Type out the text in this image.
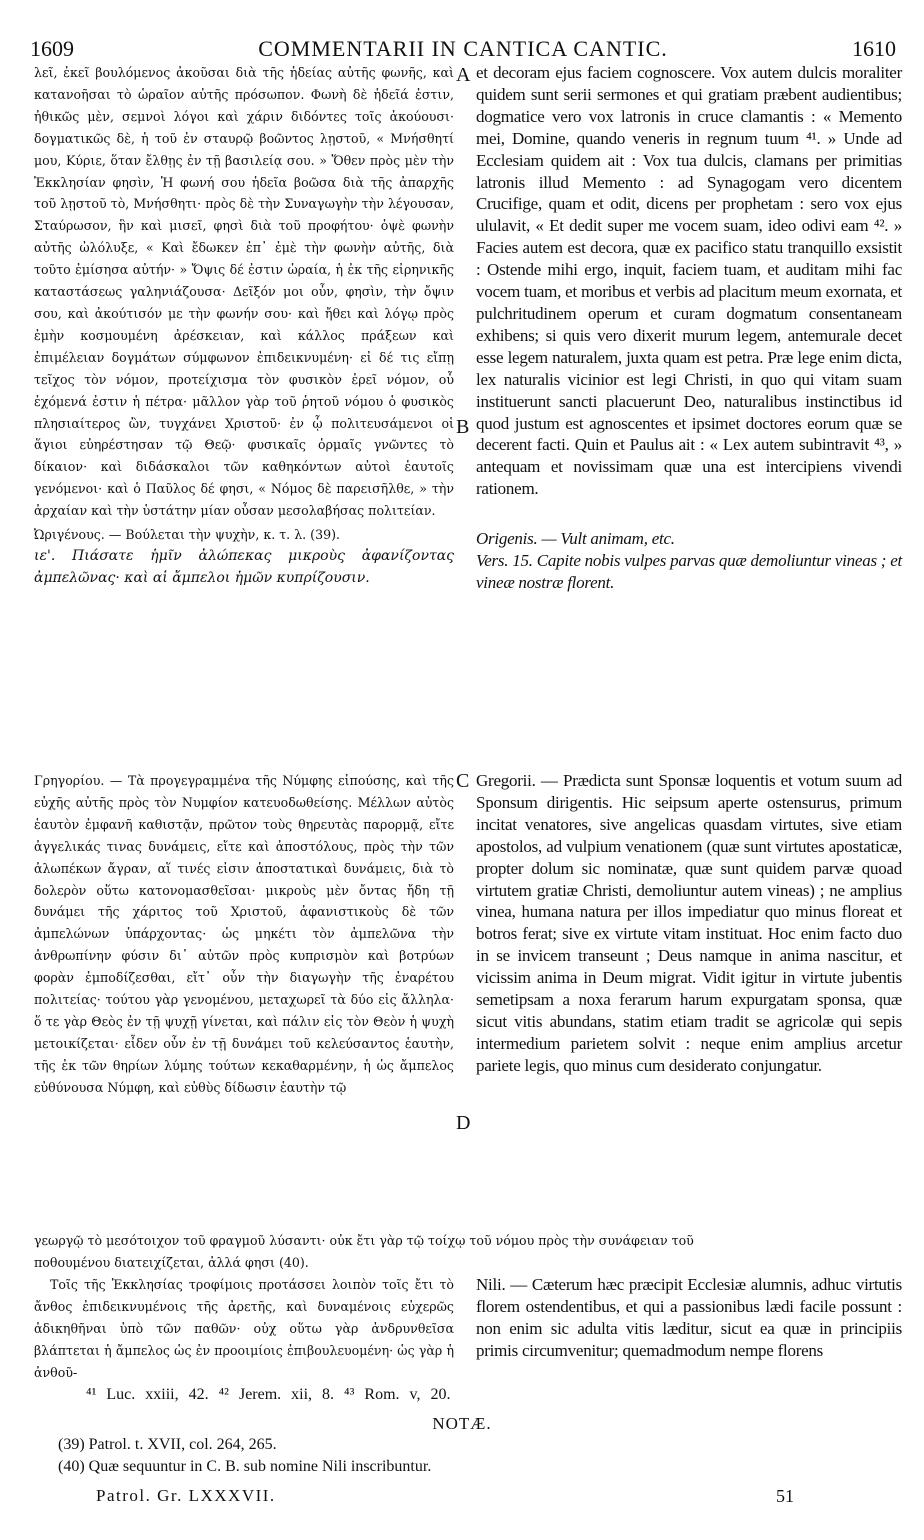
1609	COMMENTARII IN CANTICA CANTIC.	1610

λεῖ, ἐκεῖ βουλόμενος ἀκοῦσαι διὰ τῆς ἡδείας αὐτῆς φωνῆς, καὶ κατανοῆσαι τὸ ὡραῖον αὐτῆς πρόσωπον. Φωνὴ δὲ ἡδεῖά ἐστιν, ἠθικῶς μὲν, σεμνοὶ λόγοι καὶ χάριν διδόντες τοῖς ἀκούουσι· δογματικῶς δὲ, ἡ τοῦ ἐν σταυρῷ βοῶντος λῃστοῦ, « Μνήσθητί μου, Κύριε, ὅταν ἔλθῃς ἐν τῇ βασιλείᾳ σου. » Ὅθεν πρὸς μὲν τὴν Ἐκκλησίαν φησὶν, Ἡ φωνή σου ἡδεῖα βοῶσα διὰ τῆς ἀπαρχῆς τοῦ λῃστοῦ τὸ, Μνήσθητι· πρὸς δὲ τὴν Συναγωγὴν τὴν λέγουσαν, Σταύρωσον, ἣν καὶ μισεῖ, φησὶ διὰ τοῦ προφήτου· ὀψὲ φωνὴν αὐτῆς ὠλόλυξε, « Καὶ ἔδωκεν ἐπ᾽ ἐμὲ τὴν φωνὴν αὐτῆς, διὰ τοῦτο ἐμίσησα αὐτήν· » Ὄψις δέ ἐστιν ὡραία, ἡ ἐκ τῆς εἰρηνικῆς καταστάσεως γαληνιάζουσα· Δεῖξόν μοι οὖν, φησὶν, τὴν ὄψιν σου, καὶ ἀκούτισόν με τὴν φωνήν σου· καὶ ἤθει καὶ λόγῳ πρὸς ἐμὴν κοσμουμένη ἀρέσκειαν, καὶ κάλλος πράξεων καὶ ἐπιμέλειαν δογμάτων σύμφωνον ἐπιδεικνυμένη· εἰ δέ τις εἴπῃ τεῖχος τὸν νόμον, προτείχισμα τὸν φυσικὸν ἐρεῖ νόμον, οὗ ἐχόμενά ἐστιν ἡ πέτρα· μᾶλλον γὰρ τοῦ ῥητοῦ νόμου ὁ φυσικὸς πλησιαίτερος ὢν, τυγχάνει Χριστοῦ· ἐν ᾧ πολιτευσάμενοι οἱ ἅγιοι εὐηρέστησαν τῷ Θεῷ· φυσικαῖς ὁρμαῖς γνῶντες τὸ δίκαιον· καὶ διδάσκαλοι τῶν καθηκόντων αὐτοὶ ἑαυτοῖς γενόμενοι· καὶ ὁ Παῦλος δέ φησι, « Νόμος δὲ παρεισῆλθε, » τὴν ἀρχαίαν καὶ τὴν ὑστάτην μίαν οὖσαν μεσολαβήσας πολιτείαν.

Ὠριγένους. — Βούλεται τὴν ψυχὴν, κ. τ. λ. (39).

ιε'. Πιάσατε ἡμῖν ἀλώπεκας μικροὺς ἀφανίζοντας ἀμπελῶνας· καὶ αἱ ἄμπελοι ἡμῶν κυπρίζουσιν.

Γρηγορίου. — Τὰ προγεγραμμένα τῆς Νύμφης εἰπούσης, καὶ τῆς εὐχῆς αὐτῆς πρὸς τὸν Νυμφίον κατευοδωθείσης. Μέλλων αὐτὸς ἑαυτὸν ἐμφανῆ καθιστᾷν, πρῶτον τοὺς θηρευτὰς παρορμᾷ, εἴτε ἀγγελικάς τινας δυνάμεις, εἴτε καὶ ἀποστόλους, πρὸς τὴν τῶν ἀλωπέκων ἄγραν, αἵ τινές εἰσιν ἀποστατικαὶ δυνάμεις, διὰ τὸ δολερὸν οὕτω κατονομασθεῖσαι· μικροὺς μὲν ὄντας ἤδη τῇ δυνάμει τῆς χάριτος τοῦ Χριστοῦ, ἀφανιστικοὺς δὲ τῶν ἀμπελώνων ὑπάρχοντας· ὡς μηκέτι τὸν ἀμπελῶνα τὴν ἀνθρωπίνην φύσιν δι᾽ αὐτῶν πρὸς κυπρισμὸν καὶ βοτρύων φορὰν ἐμποδίζεσθαι, εἴτ᾽ οὖν τὴν διαγωγὴν τῆς ἐναρέτου πολιτείας· τούτου γὰρ γενομένου, μεταχωρεῖ τὰ δύο εἰς ἄλληλα· ὅ τε γὰρ Θεὸς ἐν τῇ ψυχῇ γίνεται, καὶ πάλιν εἰς τὸν Θεὸν ἡ ψυχὴ μετοικίζεται· εἶδεν οὖν ἐν τῇ δυνάμει τοῦ κελεύσαντος ἑαυτὴν, τῆς ἐκ τῶν θηρίων λύμης τούτων κεκαθαρμένην, ἡ ὡς ἄμπελος εὐθύνουσα Νύμφη, καὶ εὐθὺς δίδωσιν ἑαυτὴν τῷ

et decoram ejus faciem cognoscere. Vox autem dulcis moraliter quidem sunt serii sermones et qui gratiam præbent audientibus; dogmatice vero vox latronis in cruce clamantis : « Memento mei, Domine, quando veneris in regnum tuum ⁴¹. » Unde ad Ecclesiam quidem ait : Vox tua dulcis, clamans per primitias latronis illud Memento : ad Synagogam vero dicentem Crucifige, quam et odit, dicens per prophetam : sero vox ejus ululavit, « Et dedit super me vocem suam, ideo odivi eam ⁴². » Facies autem est decora, quæ ex pacifico statu tranquillo exsistit : Ostende mihi ergo, inquit, faciem tuam, et auditam mihi fac vocem tuam, et moribus et verbis ad placitum meum exornata, et pulchritudinem operum et curam dogmatum consentaneam exhibens; si quis vero dixerit murum legem, antemurale decet esse legem naturalem, juxta quam est petra. Præ lege enim dicta, lex naturalis vicinior est legi Christi, in quo qui vitam suam instituerunt sancti placuerunt Deo, naturalibus instinctibus id quod justum est agnoscentes et ipsimet doctores eorum quæ se decerent facti. Quin et Paulus ait : « Lex autem subintravit ⁴³, » antequam et novissimam quæ una est intercipiens vivendi rationem.

Origenis. — Vult animam, etc.

Vers. 15. Capite nobis vulpes parvas quæ demoliuntur vineas ; et vineæ nostræ florent.

Gregorii. — Prædicta sunt Sponsæ loquentis et votum suum ad Sponsum dirigentis. Hic seipsum aperte ostensurus, primum incitat venatores, sive angelicas quasdam virtutes, sive etiam apostolos, ad vulpium venationem (quæ sunt virtutes apostaticæ, propter dolum sic nominatæ, quæ sunt quidem parvæ quoad virtutem gratiæ Christi, demoliuntur autem vineas) ; ne amplius vinea, humana natura per illos impediatur quo minus floreat et botros ferat; sive ex virtute vitam instituat. Hoc enim facto duo in se invicem transeunt ; Deus namque in anima nascitur, et vicissim anima in Deum migrat. Vidit igitur in virtute jubentis semetipsam a noxa ferarum harum expurgatam sponsa, quæ sicut vitis abundans, statim etiam tradit se agricolæ qui sepis intermedium parietem solvit : neque enim amplius arcetur pariete legis, quo minus cum desiderato conjungatur.

A
B
C
D
γεωργῷ τὸ μεσότοιχον τοῦ φραγμοῦ λύσαντι· οὐκ ἔτι γὰρ τῷ τοίχῳ τοῦ νόμου πρὸς τὴν συνάφειαν τοῦ

ποθουμένου διατειχίζεται, ἀλλά φησι (40).

Τοῖς τῆς Ἐκκλησίας τροφίμοις προτάσσει λοιπὸν τοῖς ἔτι τὸ ἄνθος ἐπιδεικνυμένοις τῆς ἀρετῆς, καὶ δυναμένοις εὐχερῶς ἀδικηθῆναι ὑπὸ τῶν παθῶν· οὐχ οὕτω γὰρ ἀνδρυνθεῖσα βλάπτεται ἡ ἄμπελος ὡς ἐν προοιμίοις ἐπιβουλευομένη· ὡς γὰρ ἡ ἀνθοῦ-

Nili. — Cæterum hæc præcipit Ecclesiæ alumnis, adhuc virtutis florem ostendentibus, et qui a passionibus lædi facile possunt : non enim sic adulta vitis læditur, sicut ea quæ in principiis primis circumvenitur; quemadmodum nempe florens

⁴¹ Luc. xxiii, 42. ⁴² Jerem. xii, 8. ⁴³ Rom. v, 20.
NOTÆ.
(39) Patrol. t. XVII, col. 264, 265.
(40) Quæ sequuntur in C. B. sub nomine Nili inscribuntur.
Patrol. Gr. LXXXVII.	51
